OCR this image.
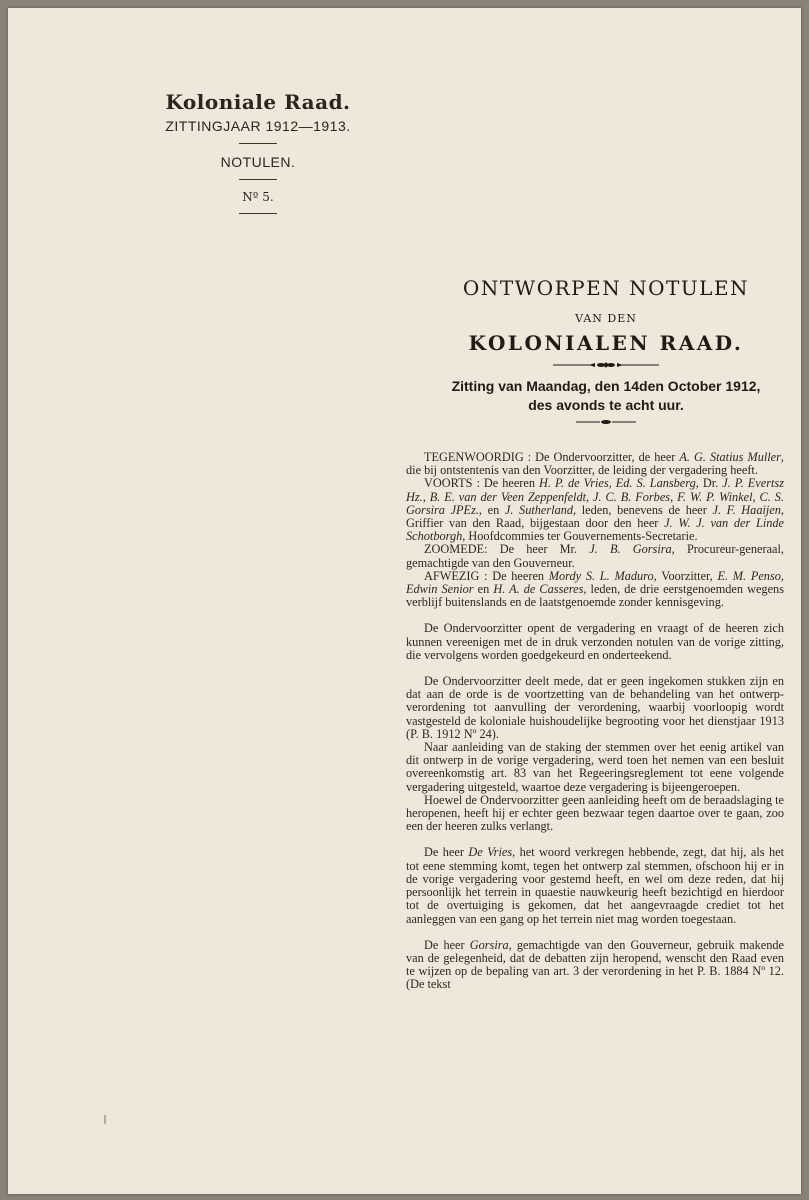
Koloniale Raad.
ZITTINGJAAR 1912—1913.
NOTULEN.
Nº 5.
ONTWORPEN NOTULEN
VAN DEN
KOLONIALEN RAAD.
Zitting van Maandag, den 14den October 1912,
des avonds te acht uur.

TEGENWOORDIG : De Ondervoorzitter, de heer A. G. Statius Muller, die bij ontstentenis van den Voorzitter, de leiding der vergadering heeft.

VOORTS : De heeren H. P. de Vries, Ed. S. Lansberg, Dr. J. P. Evertsz Hz., B. E. van der Veen Zeppenfeldt, J. C. B. Forbes, F. W. P. Winkel, C. S. Gorsira JPEz., en J. Sutherland, leden, benevens de heer J. F. Haaijen, Griffier van den Raad, bijgestaan door den heer J. W. J. van der Linde Schotborgh, Hoofdcommies ter Gouvernements-Secretarie.

ZOOMEDE: De heer Mr. J. B. Gorsira, Procureur-generaal, gemachtigde van den Gouverneur.

AFWEZIG : De heeren Mordy S. L. Maduro, Voorzitter, E. M. Penso, Edwin Senior en H. A. de Casseres, leden, de drie eerstgenoemden wegens verblijf buitenslands en de laatstgenoemde zonder kennisgeving.

De Ondervoorzitter opent de vergadering en vraagt of de heeren zich kunnen vereenigen met de in druk verzonden notulen van de vorige zitting, die vervolgens worden goedgekeurd en onderteekend.

De Ondervoorzitter deelt mede, dat er geen ingekomen stukken zijn en dat aan de orde is de voortzetting van de behandeling van het ontwerp-verordening tot aanvulling der verordening, waarbij voorloopig wordt vastgesteld de koloniale huishoudelijke begrooting voor het dienstjaar 1913 (P. B. 1912 Nº 24).

Naar aanleiding van de staking der stemmen over het eenig artikel van dit ontwerp in de vorige vergadering, werd toen het nemen van een besluit overeenkomstig art. 83 van het Regeeringsreglement tot eene volgende vergadering uitgesteld, waartoe deze vergadering is bijeengeroepen.

Hoewel de Ondervoorzitter geen aanleiding heeft om de beraadslaging te heropenen, heeft hij er echter geen bezwaar tegen daartoe over te gaan, zoo een der heeren zulks verlangt.

De heer De Vries, het woord verkregen hebbende, zegt, dat hij, als het tot eene stemming komt, tegen het ontwerp zal stemmen, ofschoon hij er in de vorige vergadering voor gestemd heeft, en wel om deze reden, dat hij persoonlijk het terrein in quaestie nauwkeurig heeft bezichtigd en hierdoor tot de overtuiging is gekomen, dat het aangevraagde crediet tot het aanleggen van een gang op het terrein niet mag worden toegestaan.

De heer Gorsira, gemachtigde van den Gouverneur, gebruik makende van de gelegenheid, dat de debatten zijn heropend, wenscht den Raad even te wijzen op de bepaling van art. 3 der verordening in het P. B. 1884 Nº 12. (De tekst
